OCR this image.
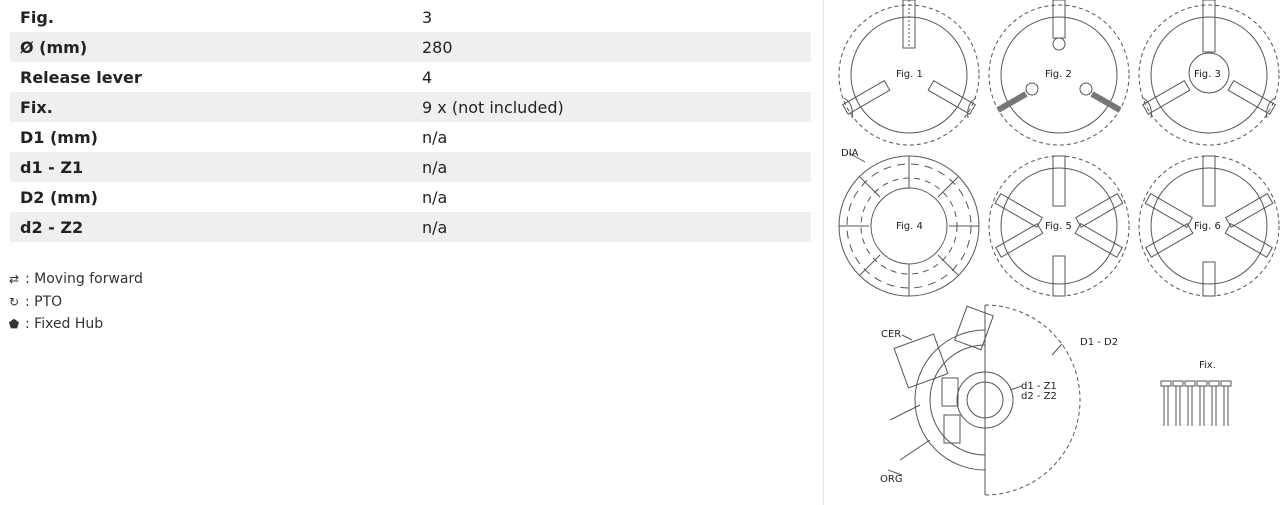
Fig.	3
Ø (mm)	280
Release lever	4
Fix.	9 x (not included)
D1 (mm)	n/a
d1 - Z1	n/a
D2 (mm)	n/a
d2 - Z2	n/a
⇄ : Moving forward
↻ : PTO
⬟ : Fixed Hub
Fig. 1	Fig. 2	Fig. 3
Fig. 4	Fig. 5	Fig. 6
DIA
CER
ORG
D1 - D2
d1 - Z1
d2 - Z2
Fix.
